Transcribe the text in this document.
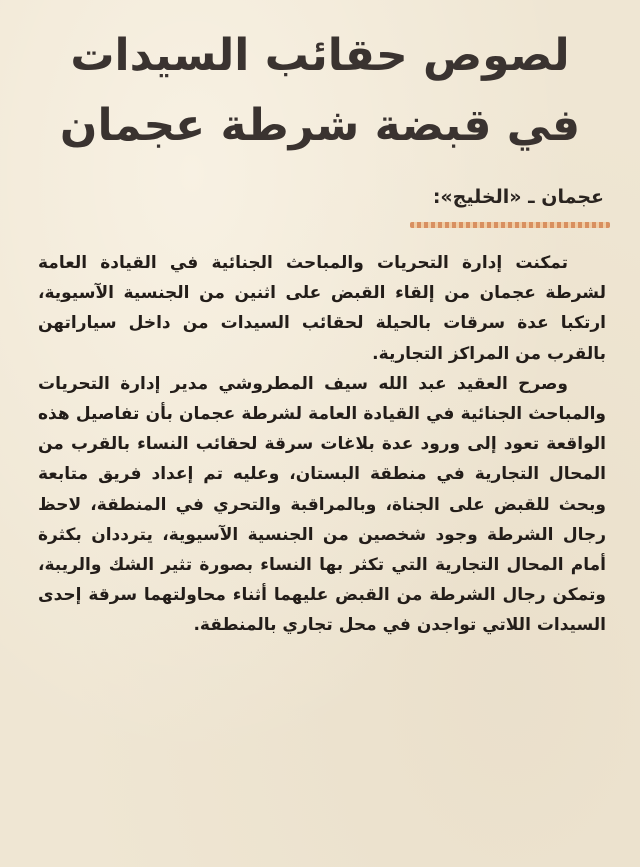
لصوص حقائب السيدات
في قبضة شرطة عجمان
عجمان ـ «الخليج»:

تمكنت إدارة التحريات والمباحث الجنائية في القيادة العامة لشرطة عجمان من إلقاء القبض على اثنين من الجنسية الآسيوية، ارتكبا عدة سرقات بالحيلة لحقائب السيدات من داخل سياراتهن بالقرب من المراكز التجارية.

وصرح العقيد عبد الله سيف المطروشي مدير إدارة التحريات والمباحث الجنائية في القيادة العامة لشرطة عجمان بأن تفاصيل هذه الواقعة تعود إلى ورود عدة بلاغات سرقة لحقائب النساء بالقرب من المحال التجارية في منطقة البستان، وعليه تم إعداد فريق متابعة وبحث للقبض على الجناة، وبالمراقبة والتحري في المنطقة، لاحظ رجال الشرطة وجود شخصين من الجنسية الآسيوية، يترددان بكثرة أمام المحال التجارية التي تكثر بها النساء بصورة تثير الشك والريبة، وتمكن رجال الشرطة من القبض عليهما أثناء محاولتهما سرقة إحدى السيدات اللاتي تواجدن في محل تجاري بالمنطقة.
